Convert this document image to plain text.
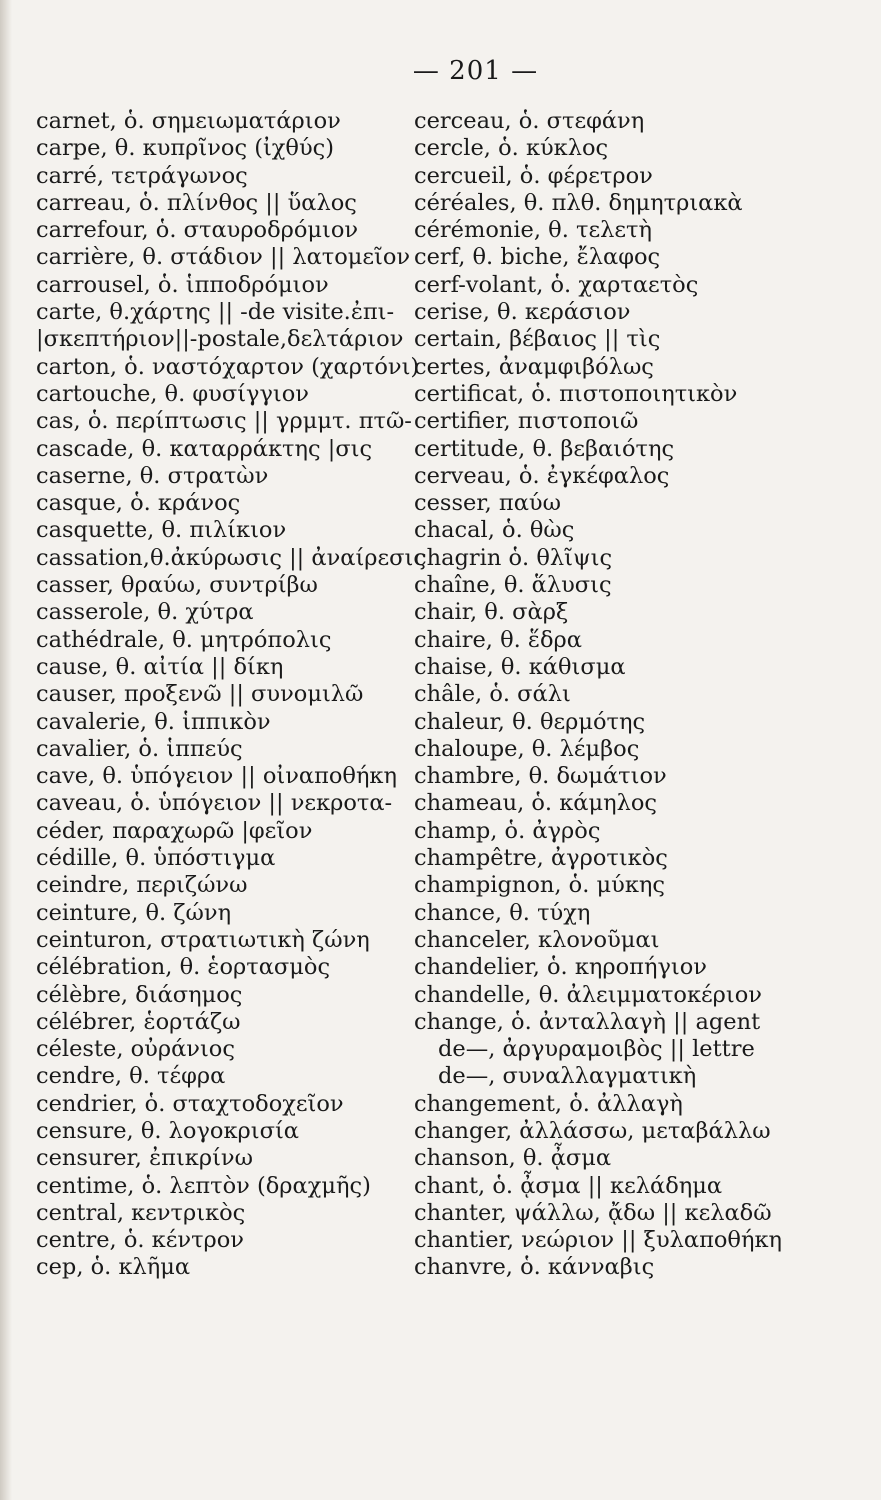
— 201 —
carnet, ὁ. σημειωματάριον
carpe, θ. κυπρῖνος (ἰχθύς)
carré, τετράγωνος
carreau, ὁ. πλίνθος || ὕαλος
carrefour, ὁ. σταυροδρόμιον
carrière, θ. στάδιον || λατομεῖον
carrousel, ὁ. ἱπποδρόμιον
carte, θ.χάρτης || -de visite.ἐπι-
|σκεπτήριον||-postale,δελτάριον
carton, ὁ. ναστόχαρτον (χαρτόνι)
cartouche, θ. φυσίγγιον
cas, ὁ. περίπτωσις || γρμμτ. πτῶ-
cascade, θ. καταρράκτης |σις
caserne, θ. στρατὼν
casque, ὁ. κράνος
casquette, θ. πιλίκιον
cassation,θ.ἀκύρωσις || ἀναίρεσις
casser, θραύω, συντρίβω
casserole, θ. χύτρα
cathédrale, θ. μητρόπολις
cause, θ. αἰτία || δίκη
causer, προξενῶ || συνομιλῶ
cavalerie, θ. ἱππικὸν
cavalier, ὁ. ἱππεύς
cave, θ. ὑπόγειον || οἰναποθήκη
caveau, ὁ. ὑπόγειον || νεκροτα-
céder, παραχωρῶ |φεῖον
cédille, θ. ὑπόστιγμα
ceindre, περιζώνω
ceinture, θ. ζώνη
ceinturon, στρατιωτικὴ ζώνη
célébration, θ. ἑορτασμὸς
célèbre, διάσημος
célébrer, ἑορτάζω
céleste, οὐράνιος
cendre, θ. τέφρα
cendrier, ὁ. σταχτοδοχεῖον
censure, θ. λογοκρισία
censurer, ἐπικρίνω
centime, ὁ. λεπτὸν (δραχμῆς)
central, κεντρικὸς
centre, ὁ. κέντρον
cep, ὁ. κλῆμα
cerceau, ὁ. στεφάνη
cercle, ὁ. κύκλος
cercueil, ὁ. φέρετρον
céréales, θ. πλθ. δημητριακὰ
cérémonie, θ. τελετὴ
cerf, θ. biche, ἔλαφος
cerf-volant, ὁ. χαρταετὸς
cerise, θ. κεράσιον
certain, βέβαιος || τὶς
certes, ἀναμφιβόλως
certificat, ὁ. πιστοποιητικὸν
certifier, πιστοποιῶ
certitude, θ. βεβαιότης
cerveau, ὁ. ἐγκέφαλος
cesser, παύω
chacal, ὁ. θὼς
chagrin ὁ. θλῖψις
chaîne, θ. ἅλυσις
chair, θ. σὰρξ
chaire, θ. ἕδρα
chaise, θ. κάθισμα
châle, ὁ. σάλι
chaleur, θ. θερμότης
chaloupe, θ. λέμβος
chambre, θ. δωμάτιον
chameau, ὁ. κάμηλος
champ, ὁ. ἀγρὸς
champêtre, ἀγροτικὸς
champignon, ὁ. μύκης
chance, θ. τύχη
chanceler, κλονοῦμαι
chandelier, ὁ. κηροπήγιον
chandelle, θ. ἀλειμματοκέριον
change, ὁ. ἀνταλλαγὴ || agent
de—, ἀργυραμοιβὸς || lettre
de—, συναλλαγματικὴ
changement, ὁ. ἀλλαγὴ
changer, ἀλλάσσω, μεταβάλλω
chanson, θ. ᾆσμα
chant, ὁ. ᾆσμα || κελάδημα
chanter, ψάλλω, ᾄδω || κελαδῶ
chantier, νεώριον || ξυλαποθήκη
chanvre, ὁ. κάνναβις
